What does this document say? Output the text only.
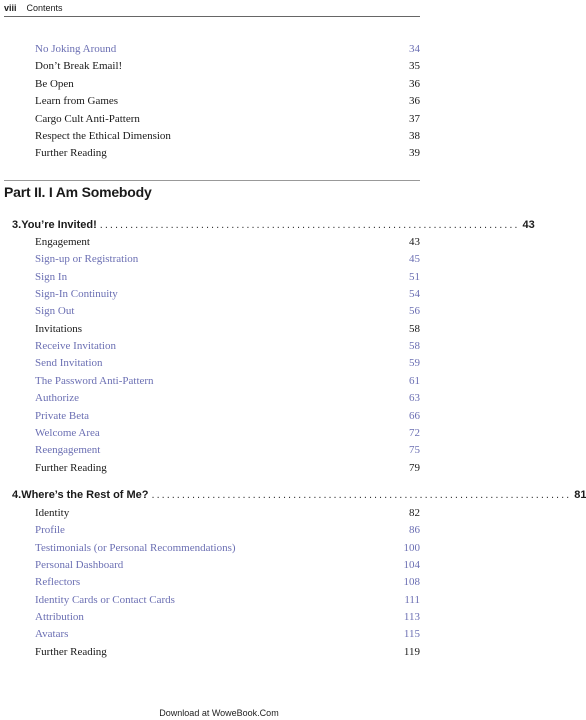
viii Contents
No Joking Around	34
Don’t Break Email!	35
Be Open	36
Learn from Games	36
Cargo Cult Anti-Pattern	37
Respect the Ethical Dimension	38
Further Reading	39
Part II. I Am Somebody
3. You’re Invited! ................................................................................... 43
Engagement	43
Sign-up or Registration	45
Sign In	51
Sign-In Continuity	54
Sign Out	56
Invitations	58
Receive Invitation	58
Send Invitation	59
The Password Anti-Pattern	61
Authorize	63
Private Beta	66
Welcome Area	72
Reengagement	75
Further Reading	79
4. Where’s the Rest of Me? ................................................................................... 81
Identity	82
Profile	86
Testimonials (or Personal Recommendations)	100
Personal Dashboard	104
Reflectors	108
Identity Cards or Contact Cards	111
Attribution	113
Avatars	115
Further Reading	119
Download at WoweBook.Com
